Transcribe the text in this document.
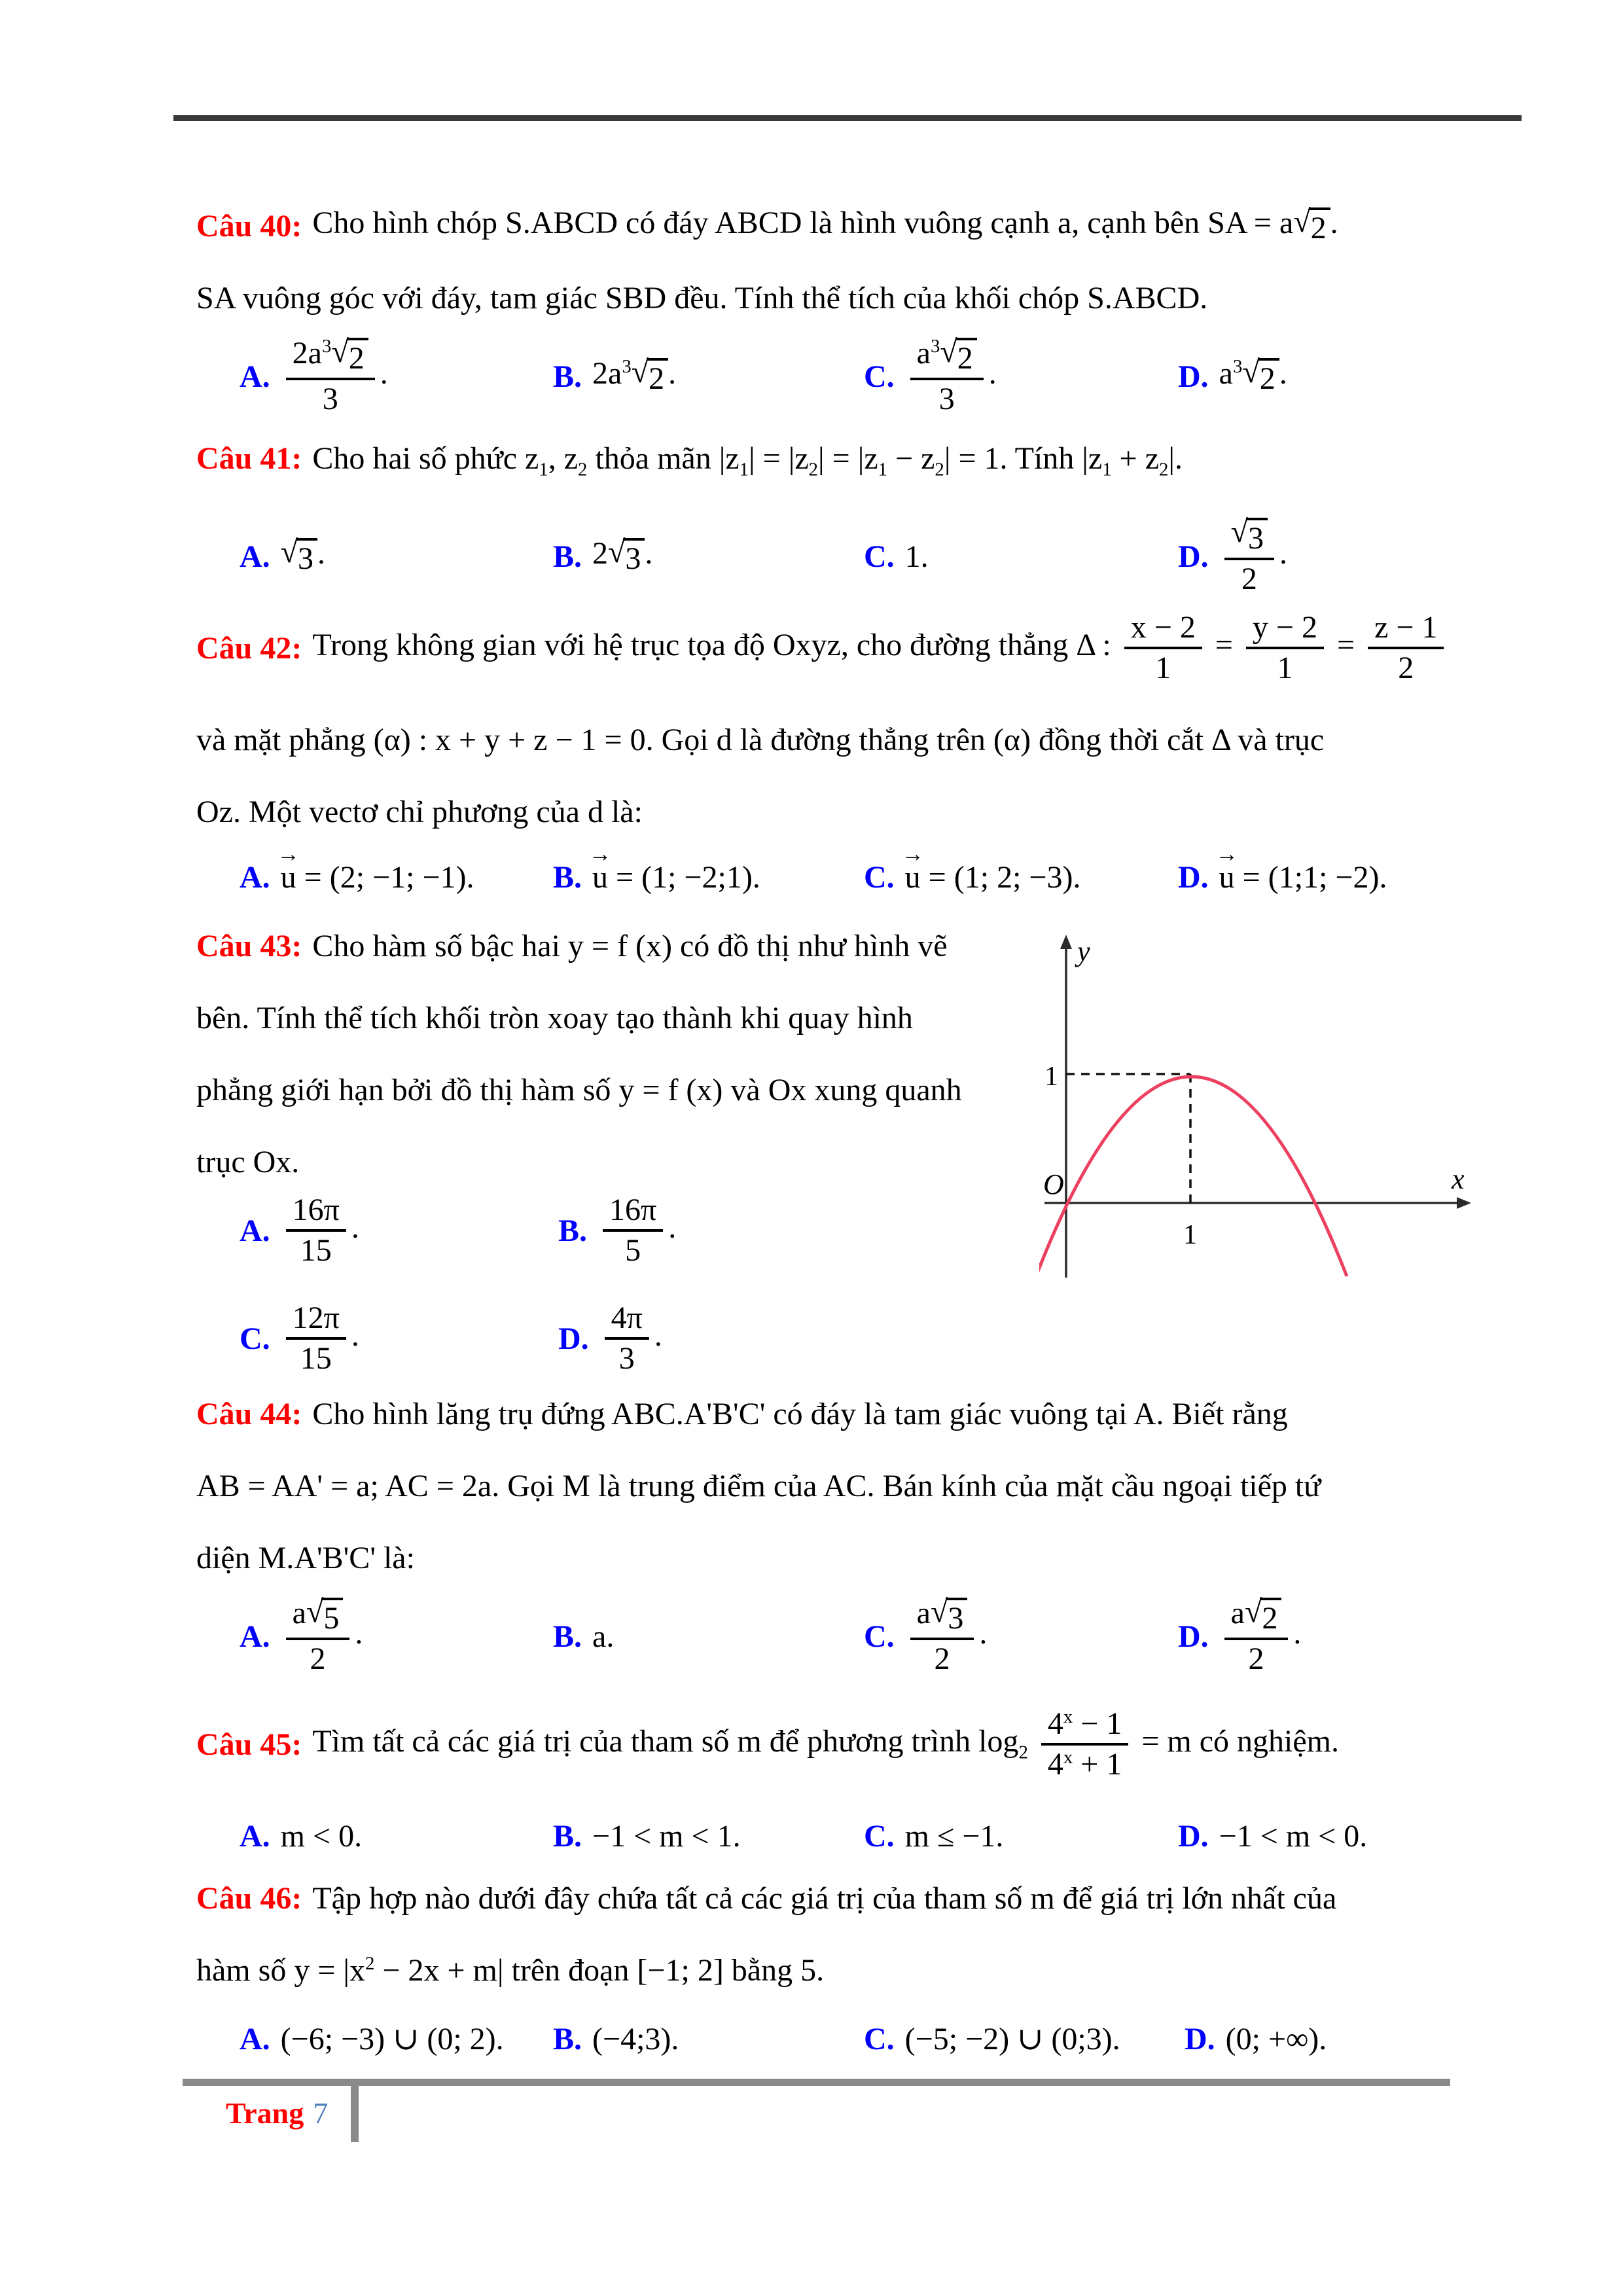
Câu 40: Cho hình chóp S.ABCD có đáy ABCD là hình vuông cạnh a, cạnh bên SA = a √ 2 .
SA vuông góc với đáy, tam giác SBD đều. Tính thể tích của khối chóp S.ABCD.
A. $\frac{2a^3 √ 2}{3}$ .	B. $2a^3$ √ 2 .	C. $\frac{a^3 √ 2}{3}$ .	D. $a^3$ √ 2 .
Câu 41: Cho hai số phức $z_1$, $z_2$ thỏa mãn $|z_1| = |z_2| = |z_1 - z_2| = 1$. Tính $|z_1 + z_2|$.
A. √ 3 .	B. 2 √ 3 .	C. 1.	D. $\frac{√ 3}{2}$ .
Câu 42: Trong không gian với hệ trục tọa độ Oxyz, cho đường thẳng Δ : $\frac{x - 2}{1} = \frac{y - 2}{1} = \frac{z - 1}{2}$
và mặt phẳng (α) : x + y + z − 1 = 0. Gọi d là đường thẳng trên (α) đồng thời cắt Δ và trục
Oz. Một vectơ chỉ phương của d là:
A.
→
u = (2; −1; −1).	B.
→
u = (1; −2;1).	C.
→
u = (1; 2; −3).	D.
→
u = (1;1; −2).
Câu 43: Cho hàm số bậc hai y = f (x) có đồ thị như hình vẽ
bên. Tính thể tích khối tròn xoay tạo thành khi quay hình
phẳng giới hạn bởi đồ thị hàm số y = f (x) và Ox xung quanh
trục Ox.
A. $\frac{16\pi}{15}$ .	B. $\frac{16\pi}{5}$ .
C. $\frac{12\pi}{15}$ .	D. $\frac{4\pi}{3}$ .
y
x
O
1
1
Câu 44: Cho hình lăng trụ đứng ABC.A'B'C' có đáy là tam giác vuông tại A. Biết rằng
AB = AA' = a; AC = 2a. Gọi M là trung điểm của AC. Bán kính của mặt cầu ngoại tiếp tứ
diện M.A'B'C' là:
A. $\frac{a √ 5}{2}$ .	B. a.	C. $\frac{a √ 3}{2}$ .	D. $\frac{a √ 2}{2}$ .
Câu 45: Tìm tất cả các giá trị của tham số m để phương trình $\log_2 \frac{4^x - 1}{4^x + 1} = m$ có nghiệm.
A. m < 0.	B. −1 < m < 1.	C. m ≤ −1.	D. −1 < m < 0.
Câu 46: Tập hợp nào dưới đây chứa tất cả các giá trị của tham số m để giá trị lớn nhất của
hàm số $y = |x^2 - 2x + m|$ trên đoạn [−1; 2] bằng 5.
A. (−6; −3) ∪ (0; 2). B. (−4;3).	C. (−5; −2) ∪ (0;3). D. (0; +∞).
Trang 7
